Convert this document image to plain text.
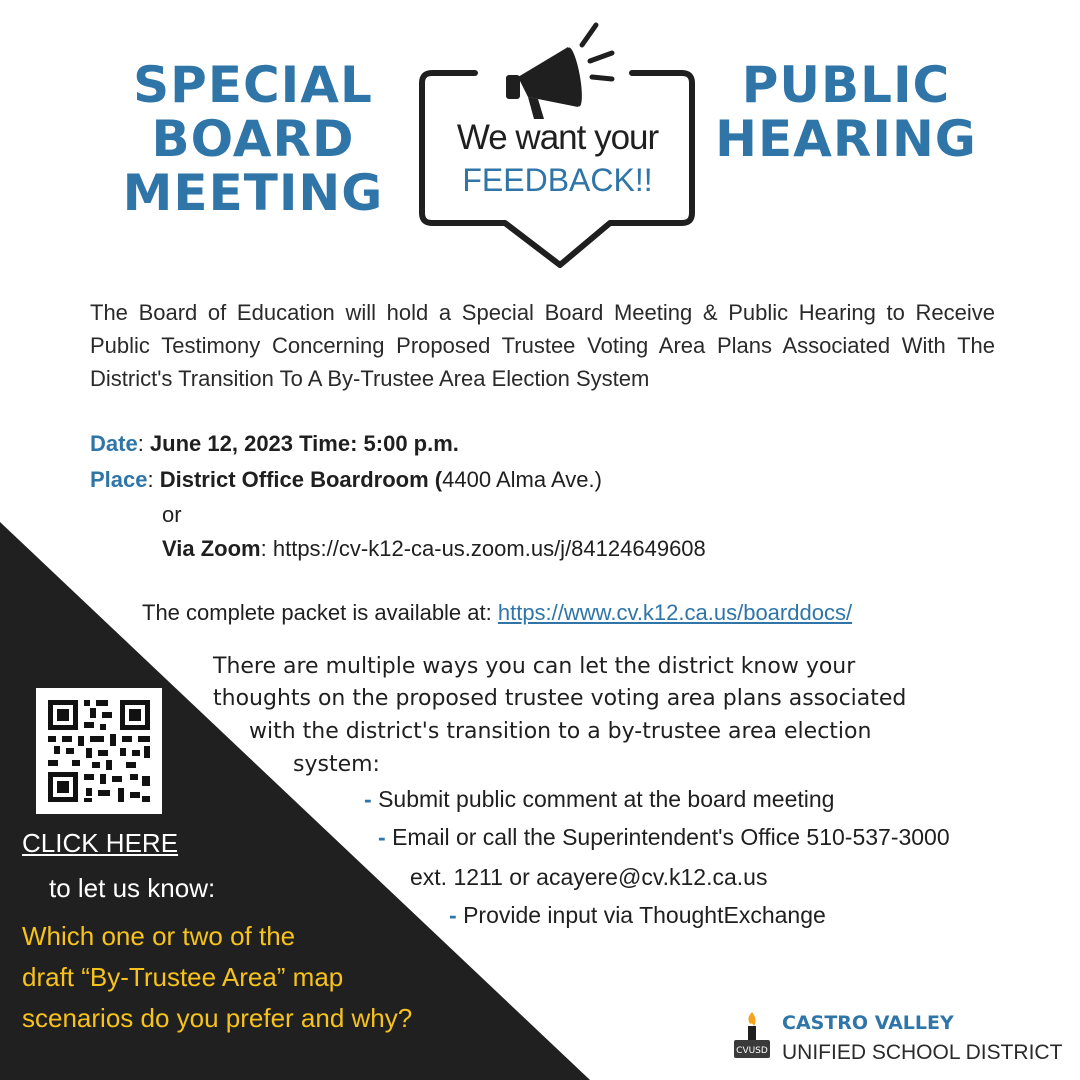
SPECIAL
BOARD
MEETING
PUBLIC
HEARING
We want your
FEEDBACK!!
The Board of Education will hold a Special Board Meeting & Public Hearing to Receive Public Testimony Concerning Proposed Trustee Voting Area Plans Associated With The District's Transition To A By-Trustee Area Election System
Date: June 12, 2023 Time: 5:00 p.m.
Place: District Office Boardroom (4400 Alma Ave.)
or
Via Zoom: https://cv-k12-ca-us.zoom.us/j/84124649608
The complete packet is available at: https://www.cv.k12.ca.us/boarddocs/
There are multiple ways you can let the district know your
thoughts on the proposed trustee voting area plans associated
with the district's transition to a by-trustee area election
system:
- Submit public comment at the board meeting
- Email or call the Superintendent's Office 510-537-3000
ext. 1211 or acayere@cv.k12.ca.us
- Provide input via ThoughtExchange
CLICK HERE
to let us know:
Which one or two of the
draft “By-Trustee Area” map
scenarios do you prefer and why?
CVUSD
CASTRO VALLEY
UNIFIED SCHOOL DISTRICT
